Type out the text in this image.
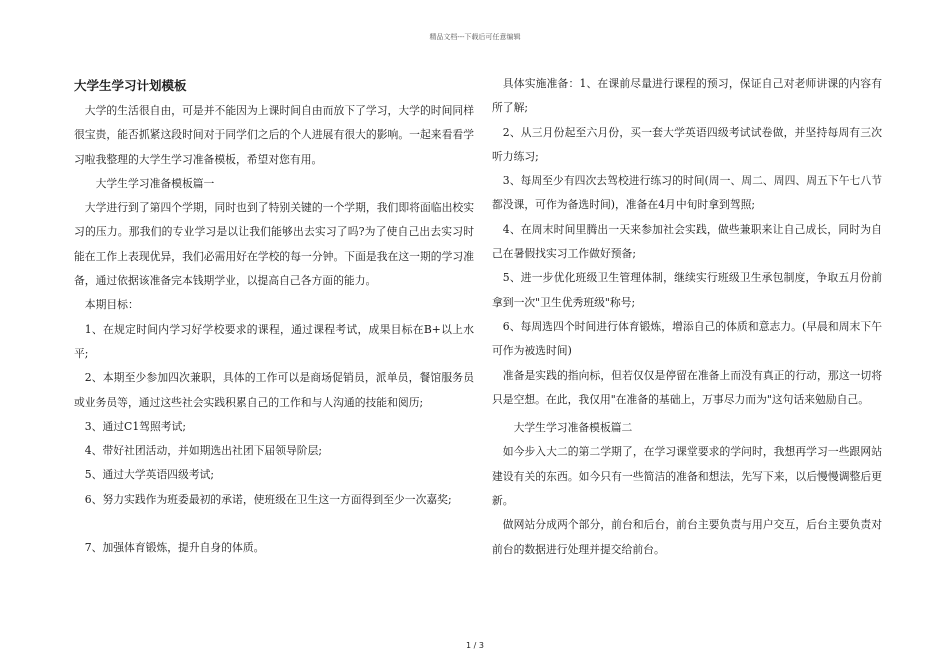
精品文档---下载后可任意编辑
大学生学习计划模板

大学的生活很自由，可是并不能因为上课时间自由而放下了学习，大学的时间同样很宝贵，能否抓紧这段时间对于同学们之后的个人进展有很大的影响。一起来看看学习啦我整理的大学生学习准备模板，希望对您有用。

大学生学习准备模板篇一

大学进行到了第四个学期，同时也到了特别关键的一个学期，我们即将面临出校实习的压力。那我们的专业学习是以让我们能够出去实习了吗?为了使自己出去实习时能在工作上表现优异，我们必需用好在学校的每一分钟。下面是我在这一期的学习准备，通过依据该准备完本钱期学业，以提高自己各方面的能力。

本期目标：

1、在规定时间内学习好学校要求的课程，通过课程考试，成果目标在B+以上水平;

2、本期至少参加四次兼职，具体的工作可以是商场促销员，派单员，餐馆服务员或业务员等，通过这些社会实践积累自己的工作和与人沟通的技能和阅历;

3、通过C1驾照考试;

4、带好社团活动，并如期选出社团下届领导阶层;

5、通过大学英语四级考试;

6、努力实践作为班委最初的承诺，使班级在卫生这一方面得到至少一次嘉奖;

7、加强体育锻炼，提升自身的体质。

具体实施准备：1、在课前尽量进行课程的预习，保证自己对老师讲课的内容有所了解;

2、从三月份起至六月份，买一套大学英语四级考试试卷做，并坚持每周有三次听力练习;

3、每周至少有四次去驾校进行练习的时间(周一、周二、周四、周五下午七八节都没课，可作为备选时间)，准备在4月中旬时拿到驾照;

4、在周末时间里腾出一天来参加社会实践，做些兼职来让自己成长，同时为自己在暑假找实习工作做好预备;

5、进一步优化班级卫生管理体制，继续实行班级卫生承包制度，争取五月份前拿到一次"卫生优秀班级"称号;

6、每周选四个时间进行体育锻炼，增添自己的体质和意志力。(早晨和周末下午可作为被选时间)

准备是实践的指向标，但若仅仅是停留在准备上而没有真正的行动，那这一切将只是空想。在此，我仅用"在准备的基础上，万事尽力而为"这句话来勉励自己。

大学生学习准备模板篇二

如今步入大二的第二学期了，在学习课堂要求的学问时，我想再学习一些跟网站建设有关的东西。如今只有一些简洁的准备和想法，先写下来，以后慢慢调整后更新。

做网站分成两个部分，前台和后台，前台主要负责与用户交互，后台主要负责对前台的数据进行处理并提交给前台。

1 / 3
